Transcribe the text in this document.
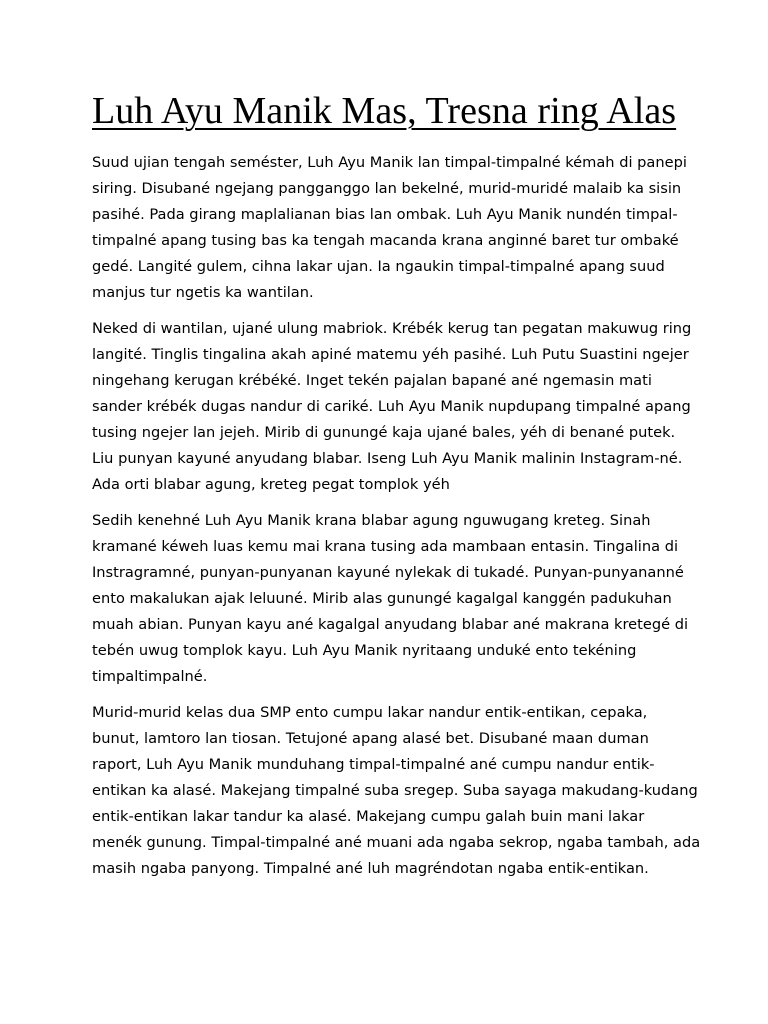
Luh Ayu Manik Mas, Tresna ring Alas

Suud ujian tengah seméster, Luh Ayu Manik lan timpal-timpalné kémah di panepi
siring. Disubané ngejang pangganggo lan bekelné, murid-muridé malaib ka sisin
pasihé. Pada girang maplalianan bias lan ombak. Luh Ayu Manik nundén timpal-
timpalné apang tusing bas ka tengah macanda krana anginné baret tur ombaké
gedé. Langité gulem, cihna lakar ujan. Ia ngaukin timpal-timpalné apang suud
manjus tur ngetis ka wantilan.

Neked di wantilan, ujané ulung mabriok. Krébék kerug tan pegatan makuwug ring
langité. Tinglis tingalina akah apiné matemu yéh pasihé. Luh Putu Suastini ngejer
ningehang kerugan krébéké. Inget tekén pajalan bapané ané ngemasin mati
sander krébék dugas nandur di cariké. Luh Ayu Manik nupdupang timpalné apang
tusing ngejer lan jejeh. Mirib di gunungé kaja ujané bales, yéh di benané putek.
Liu punyan kayuné anyudang blabar. Iseng Luh Ayu Manik malinin Instagram-né.
Ada orti blabar agung, kreteg pegat tomplok yéh

Sedih kenehné Luh Ayu Manik krana blabar agung nguwugang kreteg. Sinah
kramané kéweh luas kemu mai krana tusing ada mambaan entasin. Tingalina di
Instragramné, punyan-punyanan kayuné nylekak di tukadé. Punyan-punyananné
ento makalukan ajak leluuné. Mirib alas gunungé kagalgal kanggén padukuhan
muah abian. Punyan kayu ané kagalgal anyudang blabar ané makrana kretegé di
tebén uwug tomplok kayu. Luh Ayu Manik nyritaang unduké ento tekéning
timpaltimpalné.

Murid-murid kelas dua SMP ento cumpu lakar nandur entik-entikan, cepaka,
bunut, lamtoro lan tiosan. Tetujoné apang alasé bet. Disubané maan duman
raport, Luh Ayu Manik munduhang timpal-timpalné ané cumpu nandur entik-
entikan ka alasé. Makejang timpalné suba sregep. Suba sayaga makudang-kudang
entik-entikan lakar tandur ka alasé. Makejang cumpu galah buin mani lakar
menék gunung. Timpal-timpalné ané muani ada ngaba sekrop, ngaba tambah, ada
masih ngaba panyong. Timpalné ané luh magréndotan ngaba entik-entikan.
